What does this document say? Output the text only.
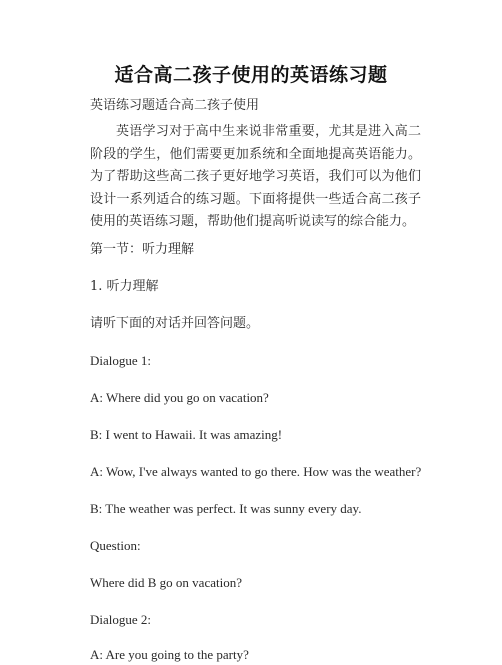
适合高二孩子使用的英语练习题
英语练习题适合高二孩子使用
英语学习对于高中生来说非常重要，尤其是进入高二阶段的学生，他们需要更加系统和全面地提高英语能力。为了帮助这些高二孩子更好地学习英语，我们可以为他们设计一系列适合的练习题。下面将提供一些适合高二孩子使用的英语练习题，帮助他们提高听说读写的综合能力。
第一节：听力理解
1. 听力理解
请听下面的对话并回答问题。
Dialogue 1:
A: Where did you go on vacation?
B: I went to Hawaii. It was amazing!
A: Wow, I've always wanted to go there. How was the weather?
B: The weather was perfect. It was sunny every day.
Question:
Where did B go on vacation?
Dialogue 2:
A: Are you going to the party?
